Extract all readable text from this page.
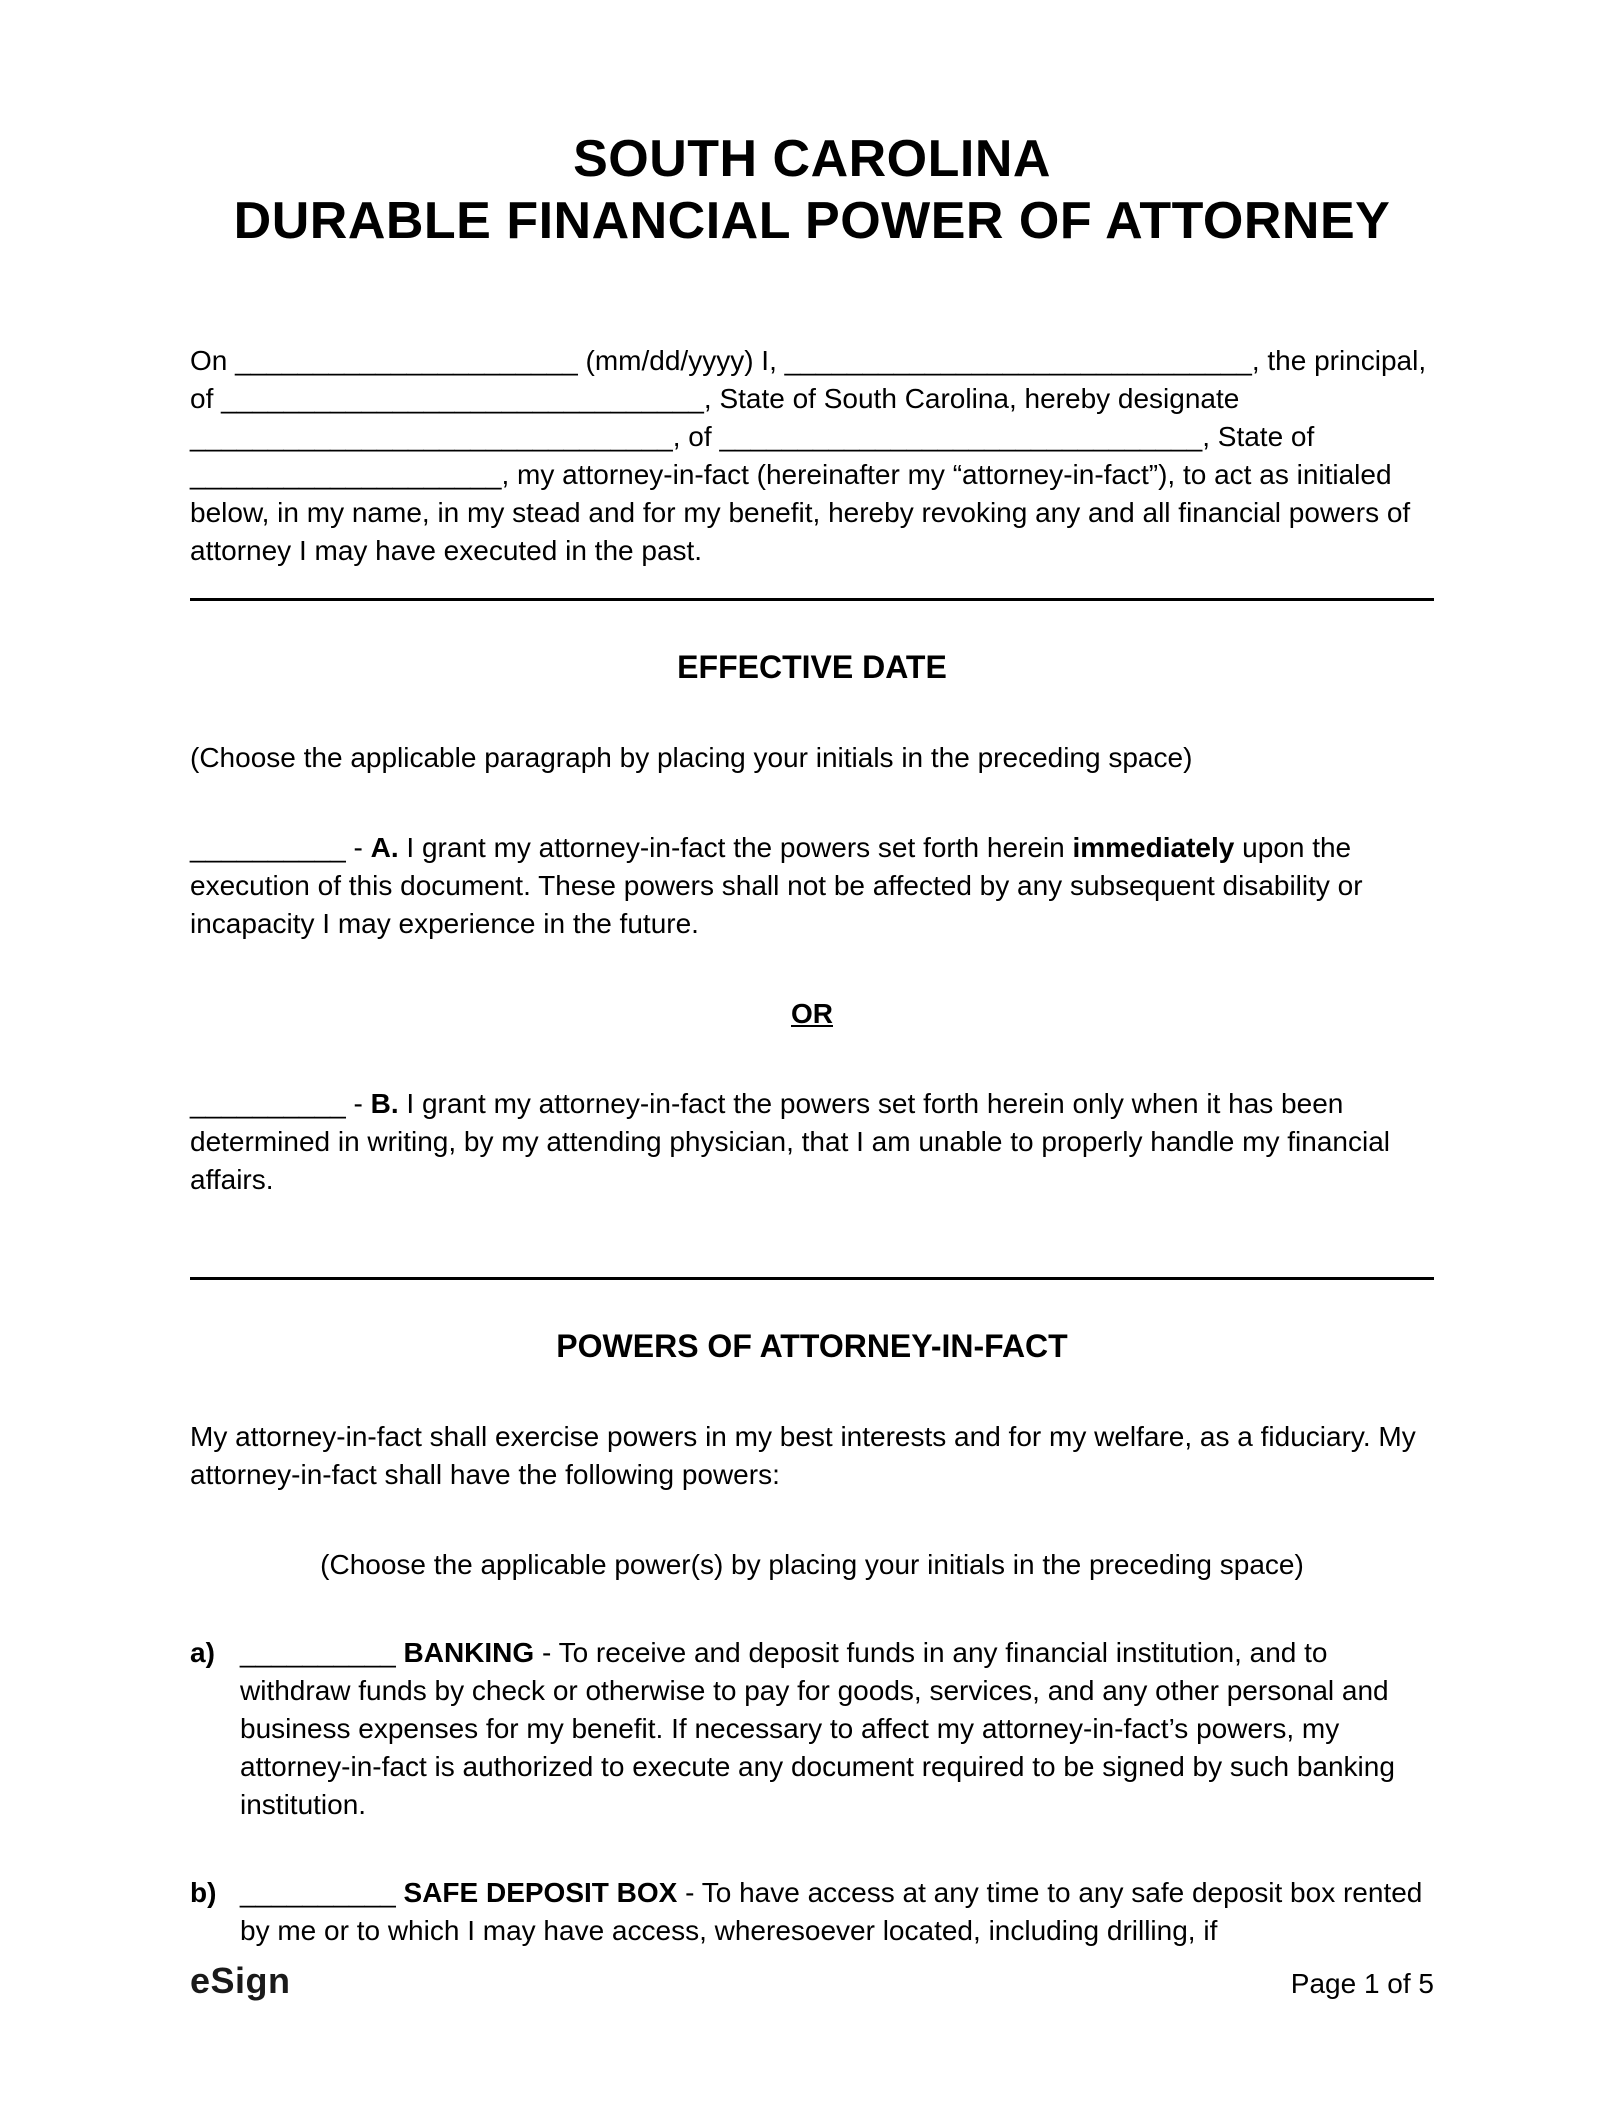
SOUTH CAROLINA
DURABLE FINANCIAL POWER OF ATTORNEY

On ______________________ (mm/dd/yyyy) I, ______________________________, the principal, of _______________________________, State of South Carolina, hereby designate _______________________________, of _______________________________, State of ____________________, my attorney-in-fact (hereinafter my “attorney-in-fact”), to act as initialed below, in my name, in my stead and for my benefit, hereby revoking any and all financial powers of attorney I may have executed in the past.

EFFECTIVE DATE

(Choose the applicable paragraph by placing your initials in the preceding space)

__________ - A. I grant my attorney-in-fact the powers set forth herein immediately upon the execution of this document. These powers shall not be affected by any subsequent disability or incapacity I may experience in the future.

OR

__________ - B. I grant my attorney-in-fact the powers set forth herein only when it has been determined in writing, by my attending physician, that I am unable to properly handle my financial affairs.

POWERS OF ATTORNEY-IN-FACT

My attorney-in-fact shall exercise powers in my best interests and for my welfare, as a fiduciary. My attorney-in-fact shall have the following powers:

(Choose the applicable power(s) by placing your initials in the preceding space)

a) __________ BANKING - To receive and deposit funds in any financial institution, and to withdraw funds by check or otherwise to pay for goods, services, and any other personal and business expenses for my benefit. If necessary to affect my attorney-in-fact’s powers, my attorney-in-fact is authorized to execute any document required to be signed by such banking institution.
b) __________ SAFE DEPOSIT BOX - To have access at any time to any safe deposit box rented by me or to which I may have access, wheresoever located, including drilling, if
eSign	Page 1 of 5
